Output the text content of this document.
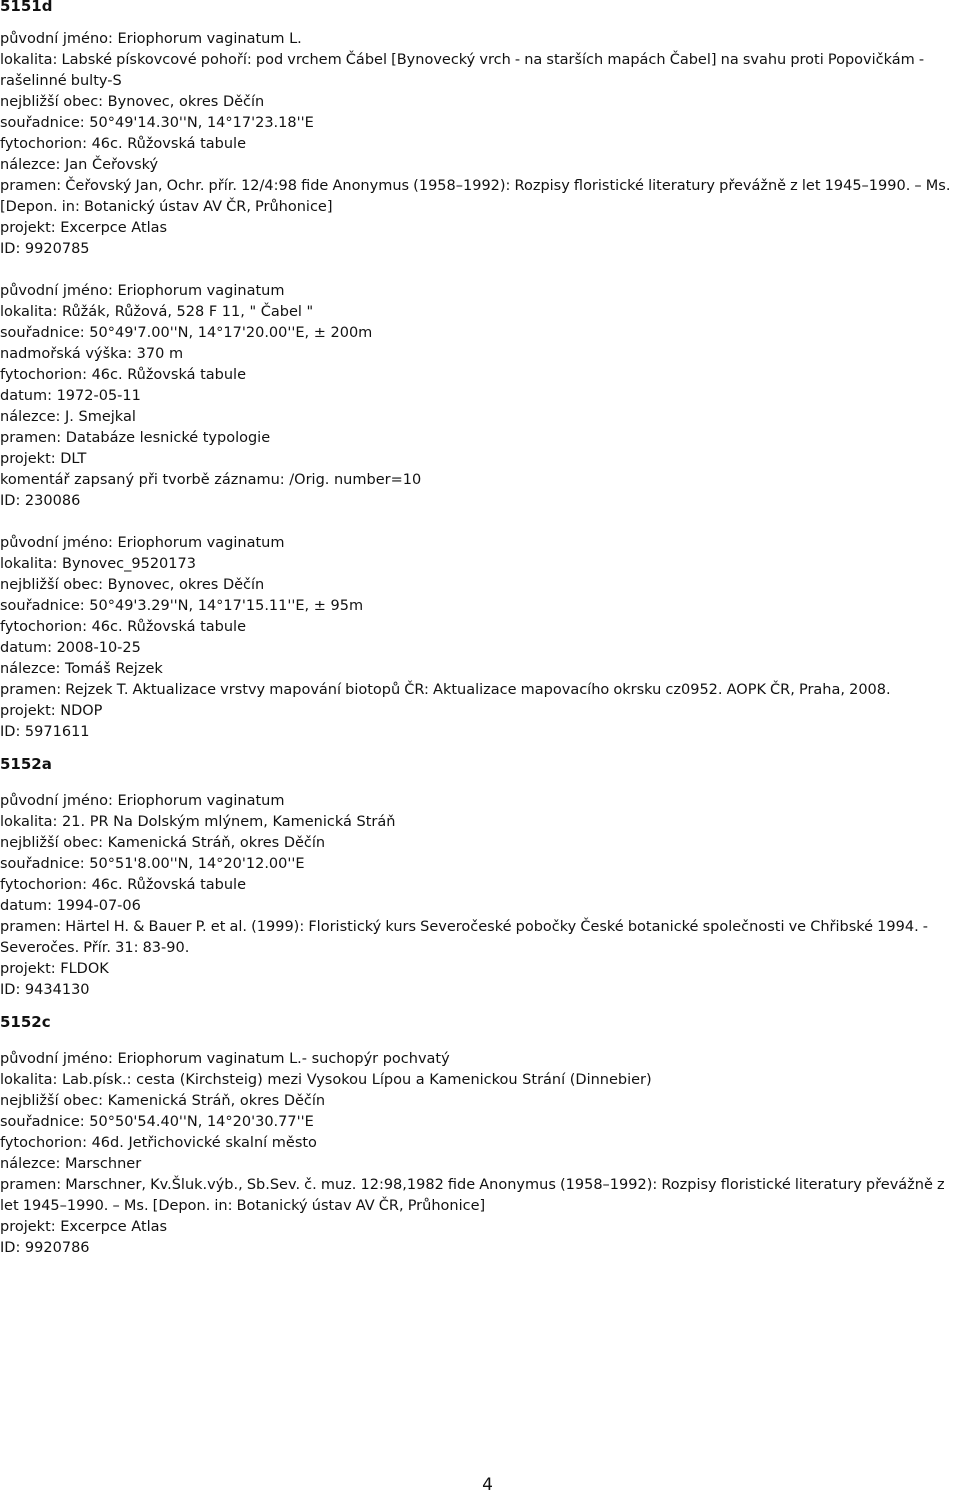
5151d
původní jméno: Eriophorum vaginatum L.
lokalita: Labské pískovcové pohoří: pod vrchem Čábel [Bynovecký vrch - na starších mapách Čabel] na svahu proti Popovičkám - rašelinné bulty-S
nejbližší obec: Bynovec, okres Děčín
souřadnice: 50°49'14.30''N, 14°17'23.18''E
fytochorion: 46c. Růžovská tabule
nálezce: Jan Čeřovský
pramen: Čeřovský Jan, Ochr. přír. 12/4:98 fide Anonymus (1958–1992): Rozpisy floristické literatury převážně z let 1945–1990. – Ms. [Depon. in: Botanický ústav AV ČR, Průhonice]
projekt: Excerpce Atlas
ID: 9920785
původní jméno: Eriophorum vaginatum
lokalita: Růžák, Růžová, 528 F 11, " Čabel "
souřadnice: 50°49'7.00''N, 14°17'20.00''E, ± 200m
nadmořská výška: 370 m
fytochorion: 46c. Růžovská tabule
datum: 1972-05-11
nálezce: J. Smejkal
pramen: Databáze lesnické typologie
projekt: DLT
komentář zapsaný při tvorbě záznamu: /Orig. number=10
ID: 230086
původní jméno: Eriophorum vaginatum
lokalita: Bynovec_9520173
nejbližší obec: Bynovec, okres Děčín
souřadnice: 50°49'3.29''N, 14°17'15.11''E, ± 95m
fytochorion: 46c. Růžovská tabule
datum: 2008-10-25
nálezce: Tomáš Rejzek
pramen: Rejzek T. Aktualizace vrstvy mapování biotopů ČR: Aktualizace mapovacího okrsku cz0952. AOPK ČR, Praha, 2008.
projekt: NDOP
ID: 5971611
5152a
původní jméno: Eriophorum vaginatum
lokalita: 21. PR Na Dolským mlýnem, Kamenická Stráň
nejbližší obec: Kamenická Stráň, okres Děčín
souřadnice: 50°51'8.00''N, 14°20'12.00''E
fytochorion: 46c. Růžovská tabule
datum: 1994-07-06
pramen: Härtel H. & Bauer P. et al. (1999): Floristický kurs Severočeské pobočky České botanické společnosti ve Chřibské 1994. - Severočes. Přír. 31: 83-90.
projekt: FLDOK
ID: 9434130
5152c
původní jméno: Eriophorum vaginatum L.- suchopýr pochvatý
lokalita: Lab.písk.: cesta (Kirchsteig) mezi Vysokou Lípou a Kamenickou Strání (Dinnebier)
nejbližší obec: Kamenická Stráň, okres Děčín
souřadnice: 50°50'54.40''N, 14°20'30.77''E
fytochorion: 46d. Jetřichovické skalní město
nálezce: Marschner
pramen: Marschner, Kv.Šluk.výb., Sb.Sev. č. muz. 12:98,1982 fide Anonymus (1958–1992): Rozpisy floristické literatury převážně z let 1945–1990. – Ms. [Depon. in: Botanický ústav AV ČR, Průhonice]
projekt: Excerpce Atlas
ID: 9920786
4
